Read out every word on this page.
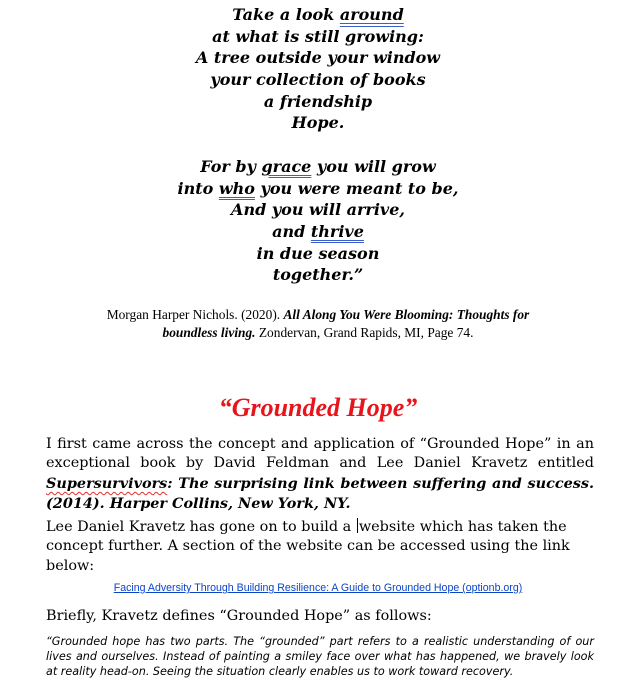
Take a look around
at what is still growing:
A tree outside your window
your collection of books
a friendship
Hope.
For by grace you will grow
into who you were meant to be,
And you will arrive,
and thrive
in due season
together.”
Morgan Harper Nichols. (2020). All Along You Were Blooming: Thoughts for
boundless living. Zondervan, Grand Rapids, MI, Page 74.
“Grounded Hope”
I first came across the concept and application of “Grounded Hope” in an exceptional book by David Feldman and Lee Daniel Kravetz entitled Supersurvivors: The surprising link between suffering and success. (2014). Harper Collins, New York, NY.
Lee Daniel Kravetz has gone on to build a website which has taken the concept further. A section of the website can be accessed using the link below:
Facing Adversity Through Building Resilience: A Guide to Grounded Hope (optionb.org)
Briefly, Kravetz defines “Grounded Hope” as follows:
“Grounded hope has two parts. The “grounded” part refers to a realistic understanding of our lives and ourselves. Instead of painting a smiley face over what has happened, we bravely look at reality head-on. Seeing the situation clearly enables us to work toward recovery.
